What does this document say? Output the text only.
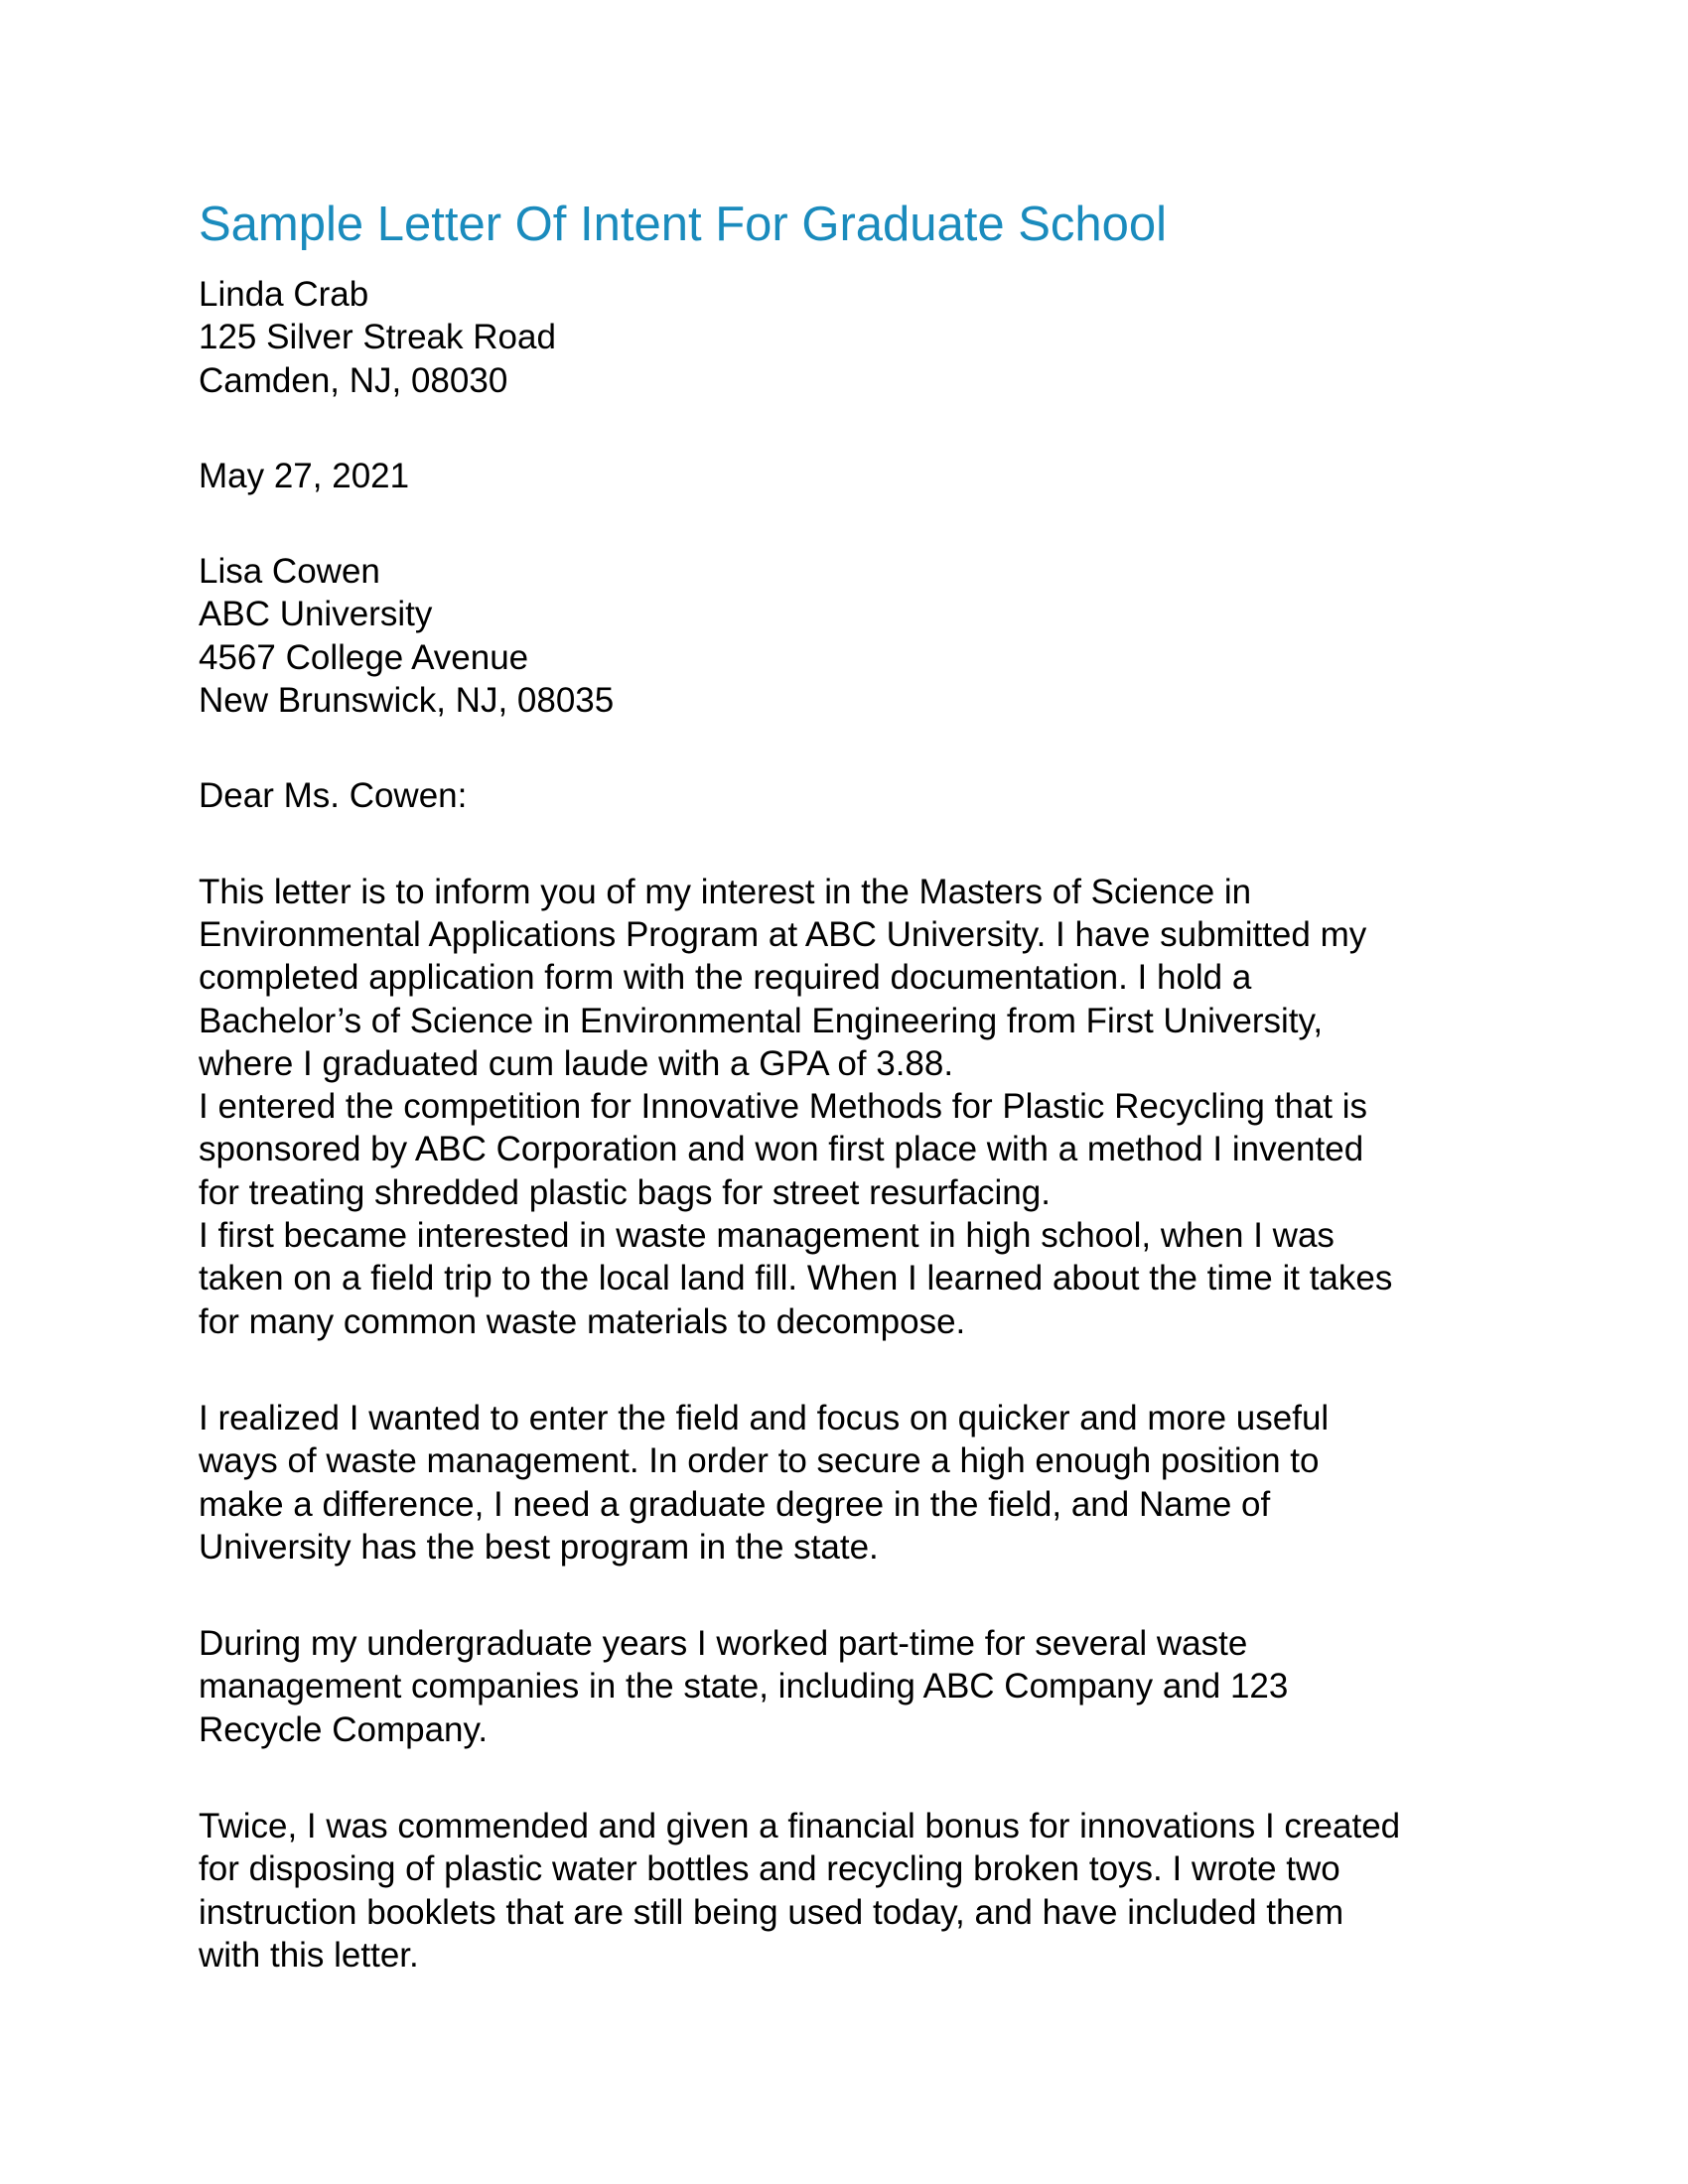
Sample Letter Of Intent For Graduate School
Linda Crab
125 Silver Streak Road
Camden, NJ, 08030
May 27, 2021
Lisa Cowen
ABC University
4567 College Avenue
New Brunswick, NJ, 08035
Dear Ms. Cowen:
This letter is to inform you of my interest in the Masters of Science in
Environmental Applications Program at ABC University. I have submitted my
completed application form with the required documentation. I hold a
Bachelor’s of Science in Environmental Engineering from First University,
where I graduated cum laude with a GPA of 3.88.
I entered the competition for Innovative Methods for Plastic Recycling that is
sponsored by ABC Corporation and won first place with a method I invented
for treating shredded plastic bags for street resurfacing.
I first became interested in waste management in high school, when I was
taken on a field trip to the local land fill. When I learned about the time it takes
for many common waste materials to decompose.
I realized I wanted to enter the field and focus on quicker and more useful
ways of waste management. In order to secure a high enough position to
make a difference, I need a graduate degree in the field, and Name of
University has the best program in the state.
During my undergraduate years I worked part-time for several waste
management companies in the state, including ABC Company and 123
Recycle Company.
Twice, I was commended and given a financial bonus for innovations I created
for disposing of plastic water bottles and recycling broken toys. I wrote two
instruction booklets that are still being used today, and have included them
with this letter.
